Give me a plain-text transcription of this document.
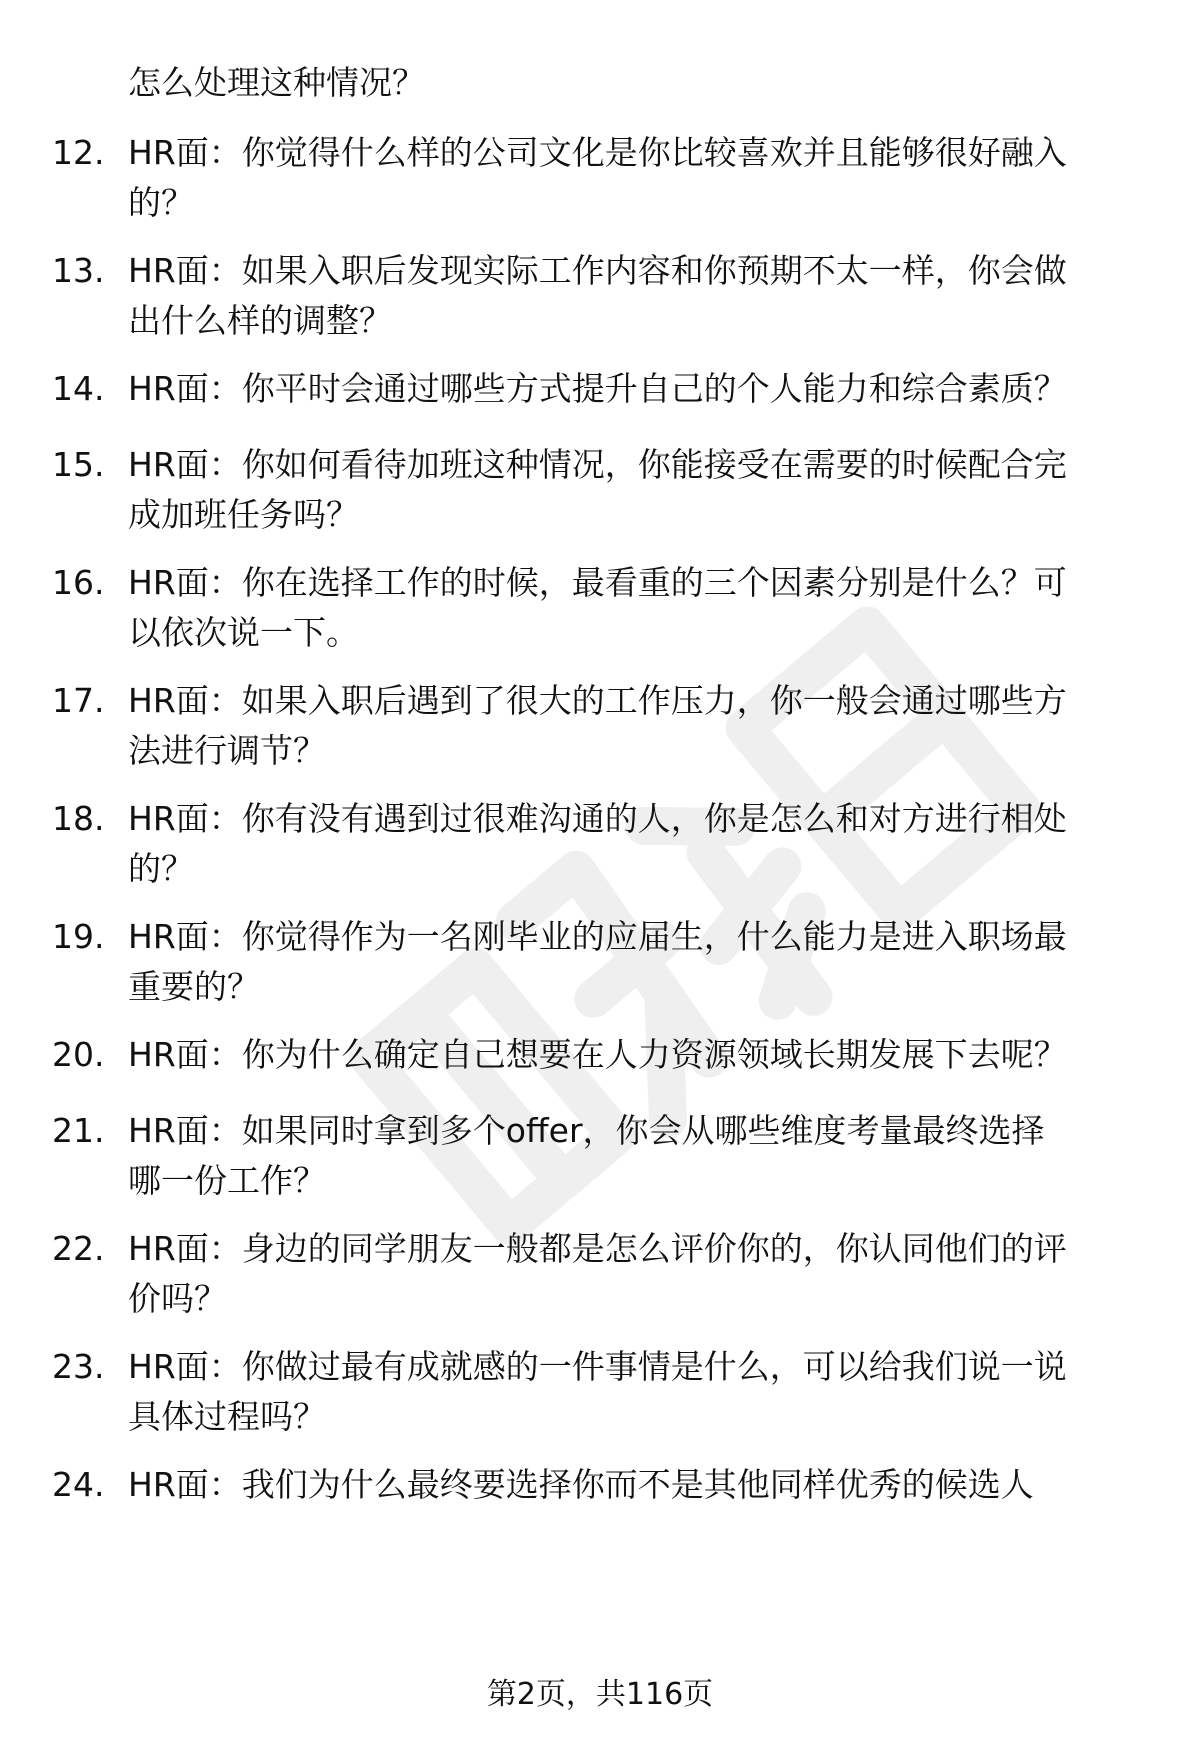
怎么处理这种情况？
12. HR面：你觉得什么样的公司文化是你比较喜欢并且能够很好融入
的？
13. HR面：如果入职后发现实际工作内容和你预期不太一样，你会做
出什么样的调整？
14. HR面：你平时会通过哪些方式提升自己的个人能力和综合素质？
15. HR面：你如何看待加班这种情况，你能接受在需要的时候配合完
成加班任务吗？
16. HR面：你在选择工作的时候，最看重的三个因素分别是什么？可
以依次说一下。
17. HR面：如果入职后遇到了很大的工作压力，你一般会通过哪些方
法进行调节？
18. HR面：你有没有遇到过很难沟通的人，你是怎么和对方进行相处
的？
19. HR面：你觉得作为一名刚毕业的应届生，什么能力是进入职场最
重要的？
20. HR面：你为什么确定自己想要在人力资源领域长期发展下去呢？
21. HR面：如果同时拿到多个offer，你会从哪些维度考量最终选择
哪一份工作？
22. HR面：身边的同学朋友一般都是怎么评价你的，你认同他们的评
价吗？
23. HR面：你做过最有成就感的一件事情是什么，可以给我们说一说
具体过程吗？
24. HR面：我们为什么最终要选择你而不是其他同样优秀的候选人
第2页，共116页
